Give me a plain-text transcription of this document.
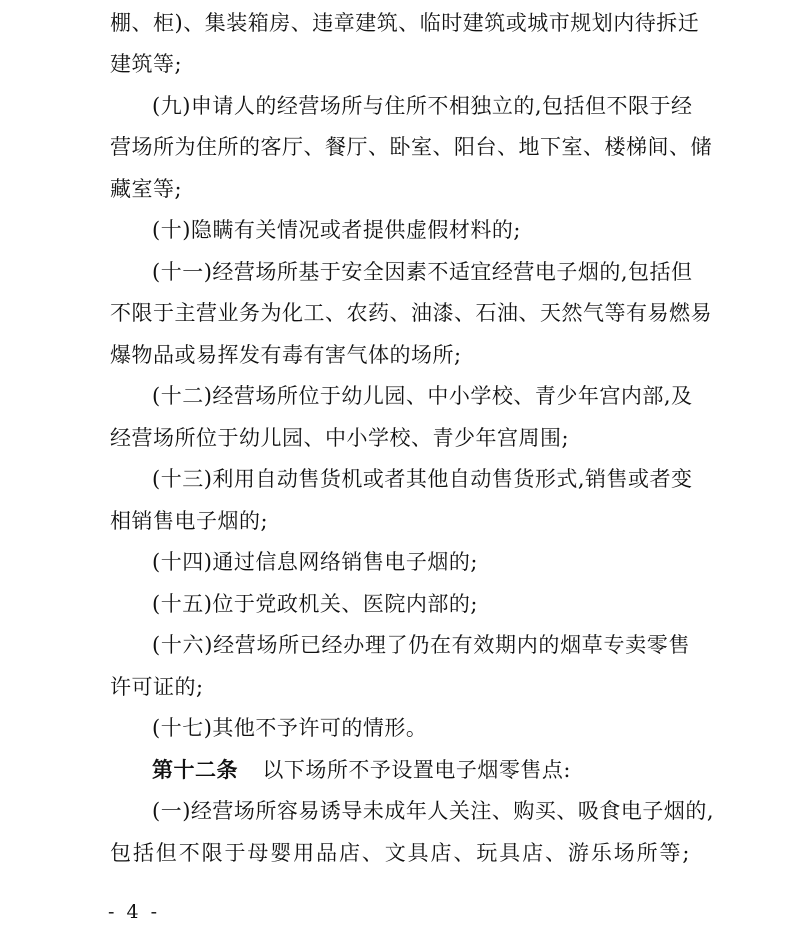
棚、柜)、集装箱房、违章建筑、临时建筑或城市规划内待拆迁
建筑等;
(九)申请人的经营场所与住所不相独立的,包括但不限于经
营场所为住所的客厅、餐厅、卧室、阳台、地下室、楼梯间、储
藏室等;
(十)隐瞒有关情况或者提供虚假材料的;
(十一)经营场所基于安全因素不适宜经营电子烟的,包括但
不限于主营业务为化工、农药、油漆、石油、天然气等有易燃易
爆物品或易挥发有毒有害气体的场所;
(十二)经营场所位于幼儿园、中小学校、青少年宫内部,及
经营场所位于幼儿园、中小学校、青少年宫周围;
(十三)利用自动售货机或者其他自动售货形式,销售或者变
相销售电子烟的;
(十四)通过信息网络销售电子烟的;
(十五)位于党政机关、医院内部的;
(十六)经营场所已经办理了仍在有效期内的烟草专卖零售
许可证的;
(十七)其他不予许可的情形。
第十二条 以下场所不予设置电子烟零售点:
(一)经营场所容易诱导未成年人关注、购买、吸食电子烟的,
包括但不限于母婴用品店、文具店、玩具店、游乐场所等;
- 4 -
